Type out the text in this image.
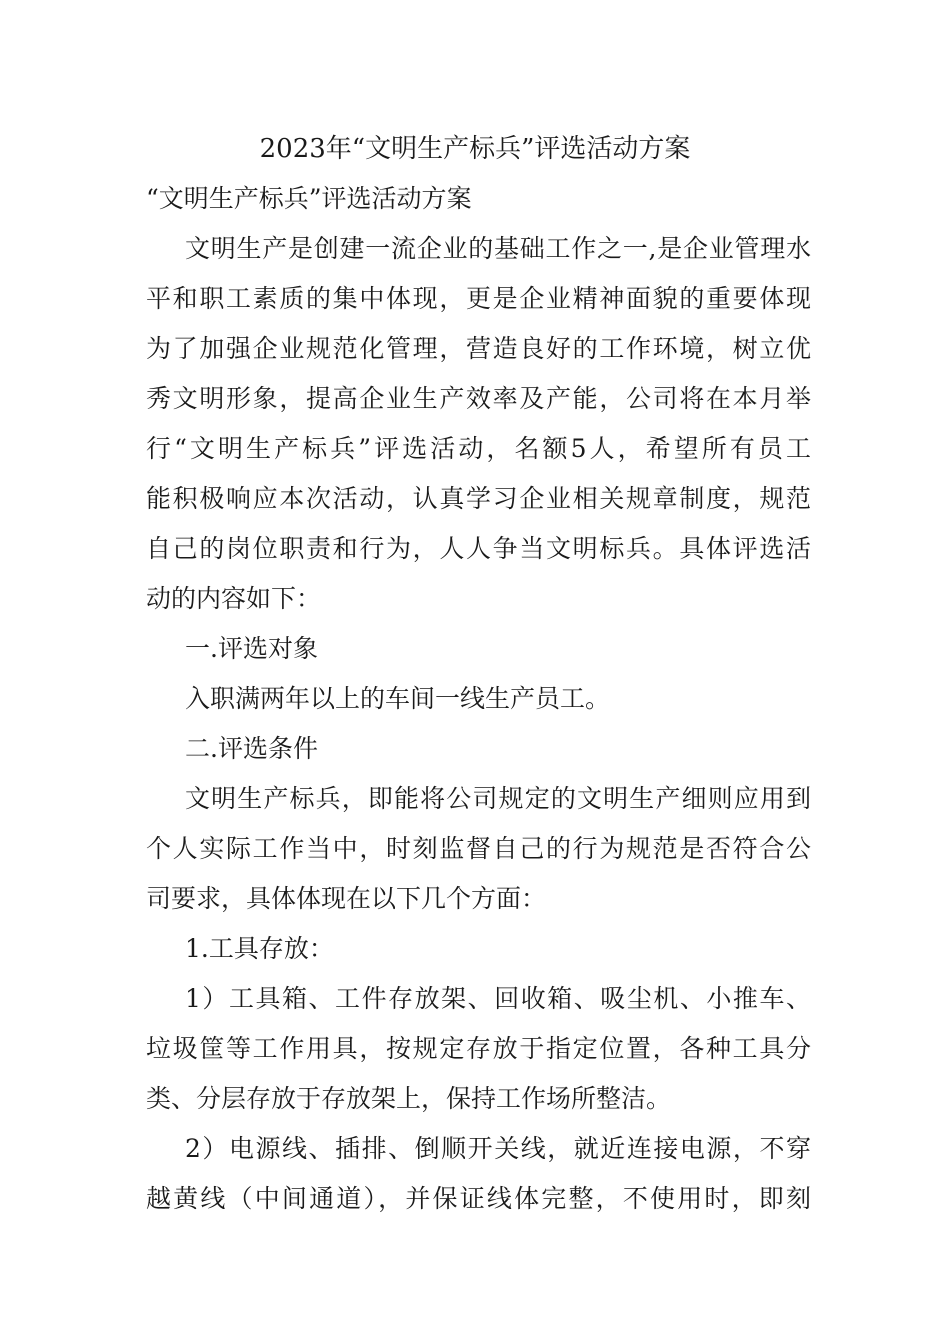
2023年“文明生产标兵”评选活动方案
“文明生产标兵”评选活动方案
文明生产是创建一流企业的基础工作之一,是企业管理水
平和职工素质的集中体现，更是企业精神面貌的重要体现
为了加强企业规范化管理，营造良好的工作环境，树立优
秀文明形象，提高企业生产效率及产能，公司将在本月举
行“文明生产标兵”评选活动，名额5人，希望所有员工
能积极响应本次活动，认真学习企业相关规章制度，规范
自己的岗位职责和行为，人人争当文明标兵。具体评选活
动的内容如下：
一.评选对象
入职满两年以上的车间一线生产员工。
二.评选条件
文明生产标兵，即能将公司规定的文明生产细则应用到
个人实际工作当中，时刻监督自己的行为规范是否符合公
司要求，具体体现在以下几个方面：
1.工具存放：
1）工具箱、工件存放架、回收箱、吸尘机、小推车、
垃圾筐等工作用具，按规定存放于指定位置，各种工具分
类、分层存放于存放架上，保持工作场所整洁。
2）电源线、插排、倒顺开关线，就近连接电源，不穿
越黄线（中间通道），并保证线体完整，不使用时，即刻
